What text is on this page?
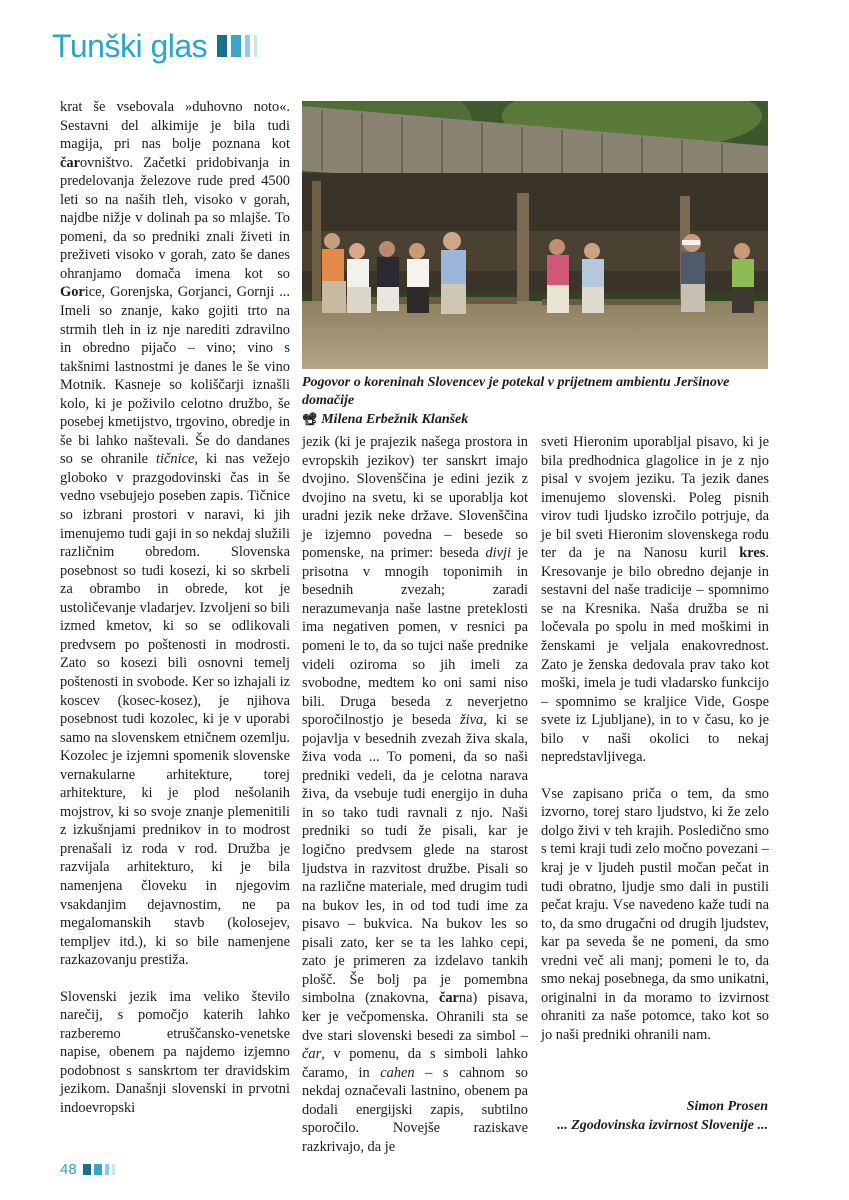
Tunški glas

krat še vsebovala »duhovno noto«. Sestavni del alkimije je bila tudi magija, pri nas bolje poznana kot čarovništvo. Začetki pridobivanja in predelovanja železove rude pred 4500 leti so na naših tleh, visoko v gorah, najdbe nižje v dolinah pa so mlajše. To pomeni, da so predniki znali živeti in preživeti visoko v gorah, zato še danes ohranjamo domača imena kot so Gorice, Gorenjska, Gorjanci, Gornji ... Imeli so znanje, kako gojiti trto na strmih tleh in iz nje narediti zdravilno in obredno pijačo – vino; vino s takšnimi lastnostmi je danes le še vino Motnik. Kasneje so koliščarji iznašli kolo, ki je poživilo celotno družbo, še posebej kmetijstvo, trgovino, obredje in še bi lahko naštevali. Še do dandanes so se ohranile tičnice, ki nas vežejo globoko v prazgodovinski čas in še vedno vsebujejo poseben zapis. Tičnice so izbrani prostori v naravi, ki jih imenujemo tudi gaji in so nekdaj služili različnim obredom. Slovenska posebnost so tudi kosezi, ki so skrbeli za obrambo in obrede, kot je ustoličevanje vladarjev. Izvoljeni so bili izmed kmetov, ki so se odlikovali predvsem po poštenosti in modrosti. Zato so kosezi bili osnovni temelj poštenosti in svobode. Ker so izhajali iz koscev (kosec-kosez), je njihova posebnost tudi kozolec, ki je v uporabi samo na slovenskem etničnem ozemlju. Kozolec je izjemni spomenik slovenske vernakularne arhitekture, torej arhitekture, ki je plod nešolanih mojstrov, ki so svoje znanje plemenitili z izkušnjami prednikov in to modrost prenašali iz roda v rod. Družba je razvijala arhitekturo, ki je bila namenjena človeku in njegovim vsakdanjim dejavnostim, ne pa megalomanskih stavb (kolosejev, templjev itd.), ki so bile namenjene razkazovanju prestiža.

Slovenski jezik ima veliko število narečij, s pomočjo katerih lahko razberemo etruščansko-venetske napise, obenem pa najdemo izjemno podobnost s sanskrtom ter dravidskim jezikom. Današnji slovenski in prvotni indoevropski

Pogovor o koreninah Slovencev je potekal v prijetnem ambientu Jeršinove domačije
📽 Milena Erbežnik Klanšek

jezik (ki je prajezik našega prostora in evropskih jezikov) ter sanskrt imajo dvojino. Slovenščina je edini jezik z dvojino na svetu, ki se uporablja kot uradni jezik neke države. Slovenščina je izjemno povedna – besede so pomenske, na primer: beseda divji je prisotna v mnogih toponimih in besednih zvezah; zaradi nerazumevanja naše lastne preteklosti ima negativen pomen, v resnici pa pomeni le to, da so tujci naše prednike videli oziroma so jih imeli za svobodne, medtem ko oni sami niso bili. Druga beseda z neverjetno sporočilnostjo je beseda živa, ki se pojavlja v besednih zvezah živa skala, živa voda ... To pomeni, da so naši predniki vedeli, da je celotna narava živa, da vsebuje tudi energijo in duha in so tako tudi ravnali z njo. Naši predniki so tudi že pisali, kar je logično predvsem glede na starost ljudstva in razvitost družbe. Pisali so na različne materiale, med drugim tudi na bukov les, in od tod tudi ime za pisavo – bukvica. Na bukov les so pisali zato, ker se ta les lahko cepi, zato je primeren za izdelavo tankih plošč. Še bolj pa je pomembna simbolna (znakovna, čarna) pisava, ker je večpomenska. Ohranili sta se dve stari slovenski besedi za simbol – čar, v pomenu, da s simboli lahko čaramo, in cahen – s cahnom so nekdaj označevali lastnino, obenem pa dodali energijski zapis, subtilno sporočilo. Novejše raziskave razkrivajo, da je

sveti Hieronim uporabljal pisavo, ki je bila predhodnica glagolice in je z njo pisal v svojem jeziku. Ta jezik danes imenujemo slovenski. Poleg pisnih virov tudi ljudsko izročilo potrjuje, da je bil sveti Hieronim slovenskega rodu ter da je na Nanosu kuril kres. Kresovanje je bilo obredno dejanje in sestavni del naše tradicije – spomnimo se na Kresnika. Naša družba se ni ločevala po spolu in med moškimi in ženskami je veljala enakovrednost. Zato je ženska dedovala prav tako kot moški, imela je tudi vladarsko funkcijo – spomnimo se kraljice Vide, Gospe svete iz Ljubljane), in to v času, ko je bilo v naši okolici to nekaj nepredstavljivega.

Vse zapisano priča o tem, da smo izvorno, torej staro ljudstvo, ki že zelo dolgo živi v teh krajih. Posledično smo s temi kraji tudi zelo močno povezani – kraj je v ljudeh pustil močan pečat in tudi obratno, ljudje smo dali in pustili pečat kraju. Vse navedeno kaže tudi na to, da smo drugačni od drugih ljudstev, kar pa seveda še ne pomeni, da smo vredni več ali manj; pomeni le to, da smo nekaj posebnega, da smo unikatni, originalni in da moramo to izvirnost ohraniti za naše potomce, tako kot so jo naši predniki ohranili nam.

Simon Prosen
... Zgodovinska izvirnost Slovenije ...
48
